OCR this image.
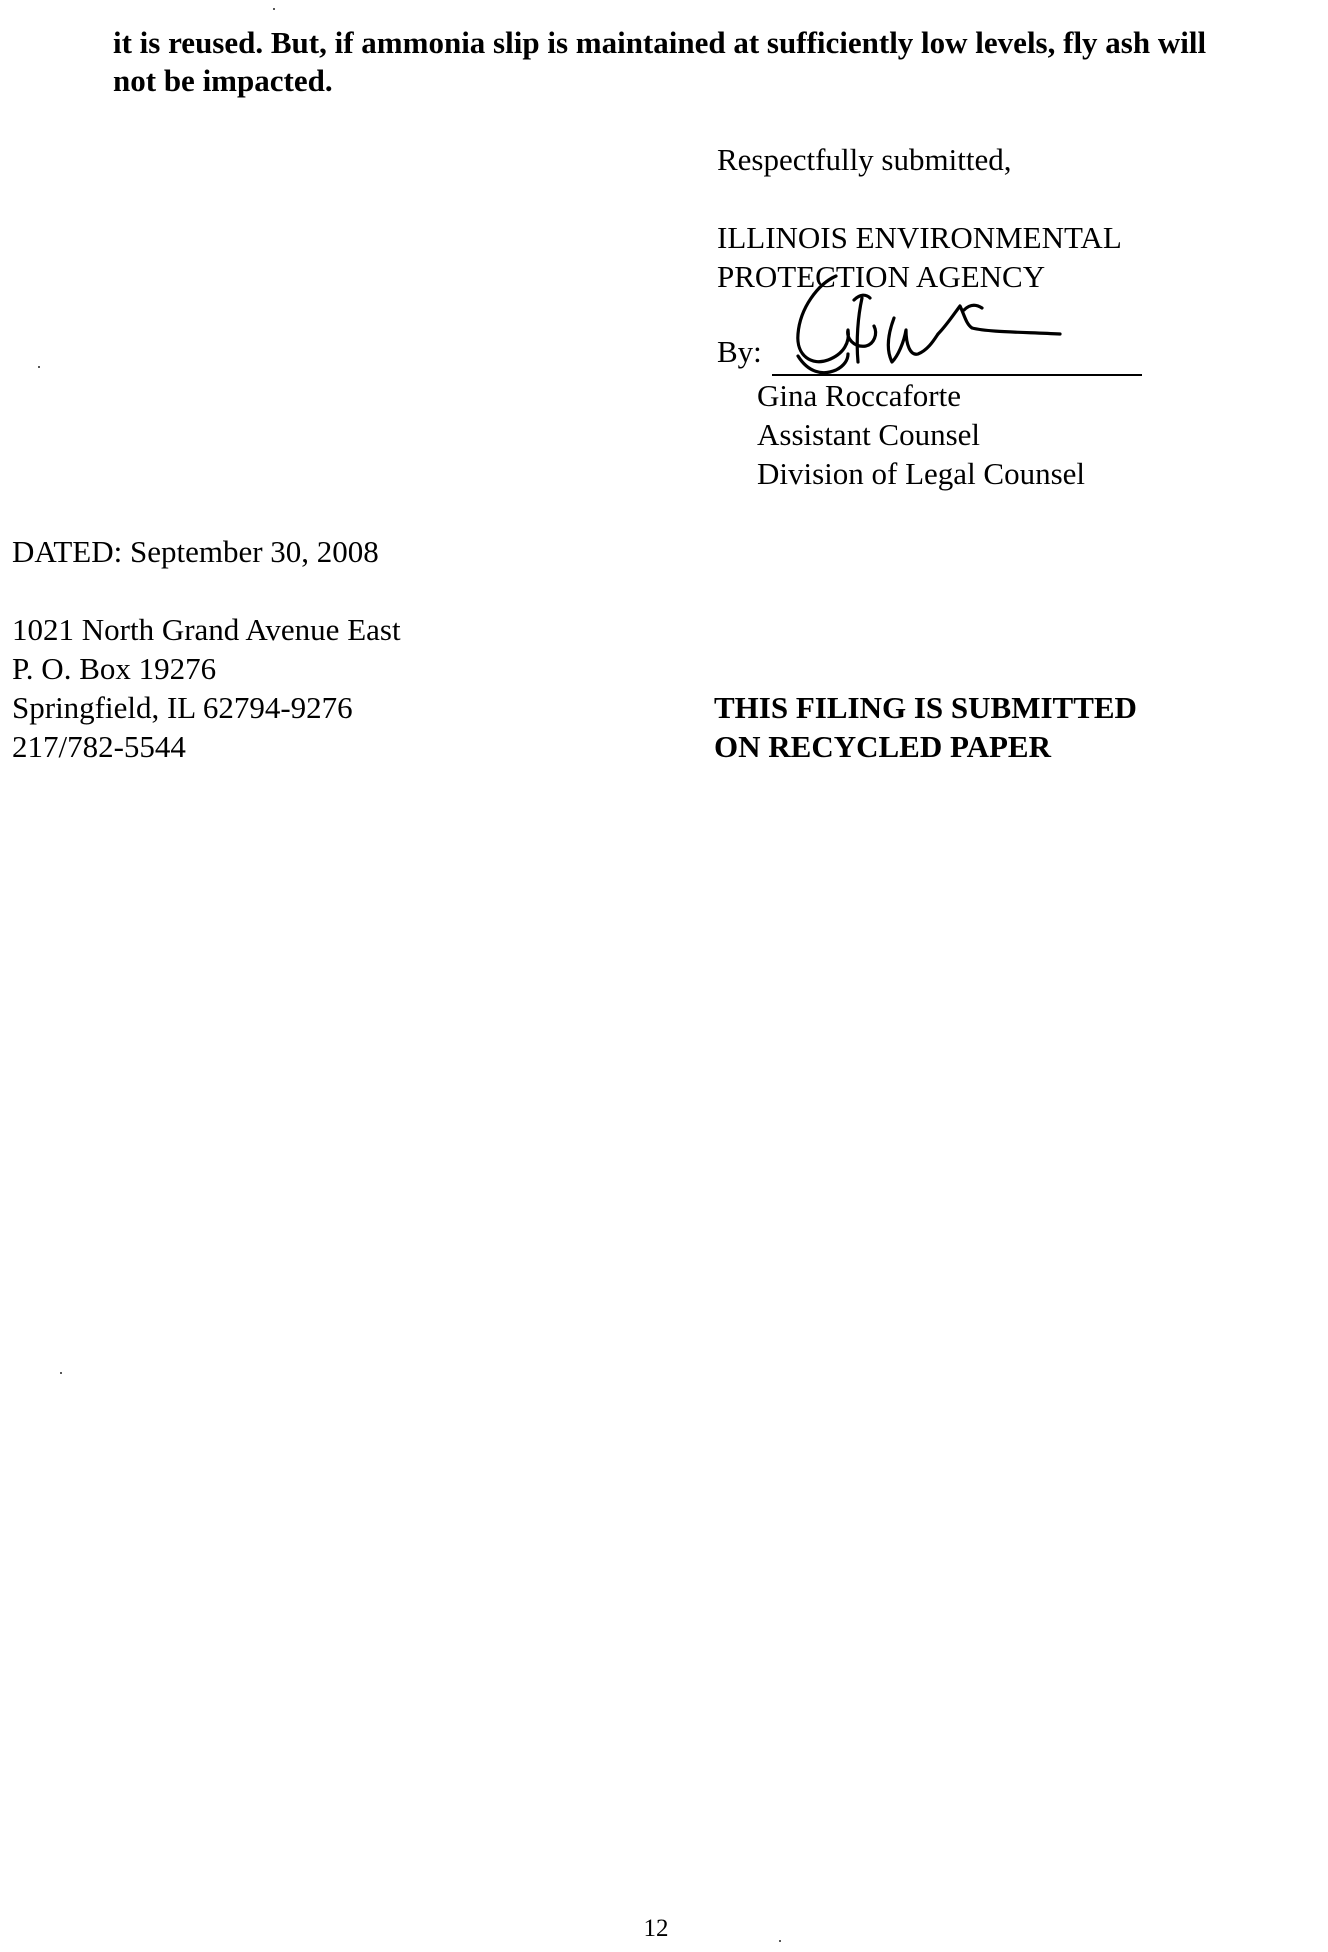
it is reused. But, if ammonia slip is maintained at sufficiently low levels, fly ash will
not be impacted.

Respectfully submitted,
ILLINOIS ENVIRONMENTAL
PROTECTION AGENCY
By:
Gina Roccaforte
Assistant Counsel
Division of Legal Counsel
DATED: September 30, 2008
1021 North Grand Avenue East
P. O. Box 19276
Springfield, IL 62794-9276
217/782-5544
THIS FILING IS SUBMITTED
ON RECYCLED PAPER
12
